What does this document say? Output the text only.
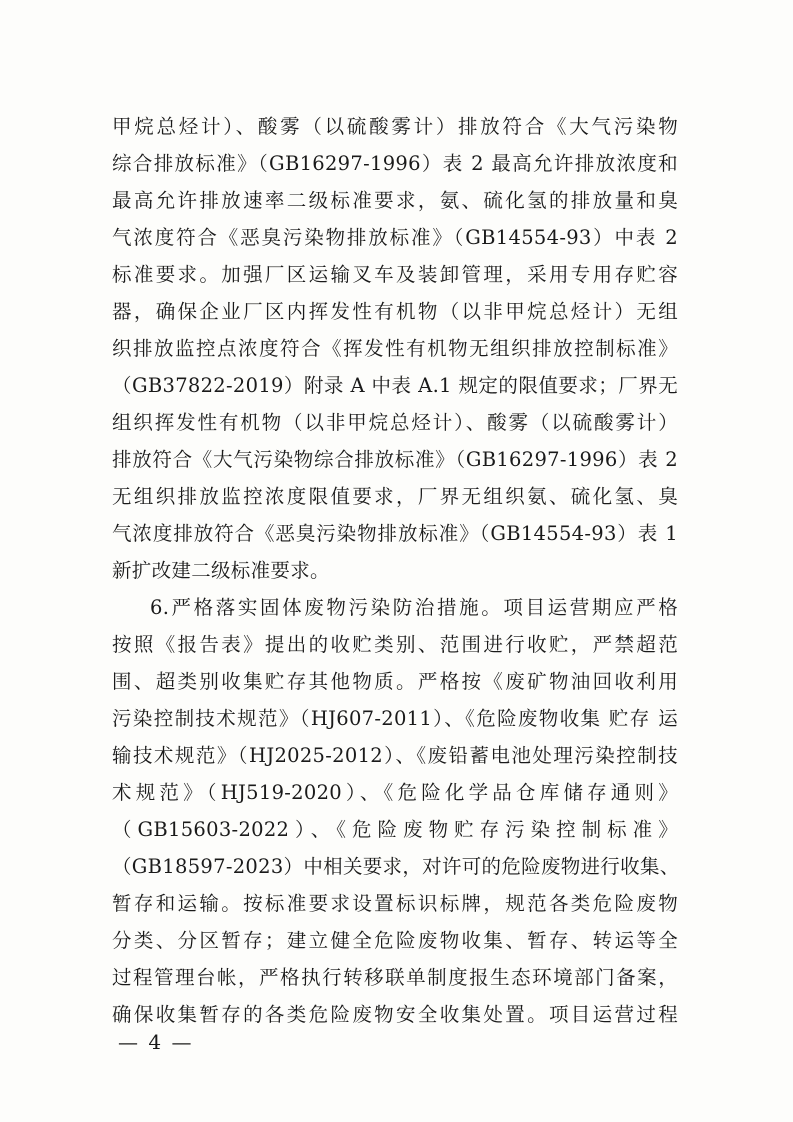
甲烷总烃计）、酸雾（以硫酸雾计）排放符合《大气污染物
综合排放标准》（GB16297-1996）表 2 最高允许排放浓度和
最高允许排放速率二级标准要求，氨、硫化氢的排放量和臭
气浓度符合《恶臭污染物排放标准》（GB14554-93）中表 2
标准要求。加强厂区运输叉车及装卸管理，采用专用存贮容
器，确保企业厂区内挥发性有机物（以非甲烷总烃计）无组
织排放监控点浓度符合《挥发性有机物无组织排放控制标准》
（GB37822-2019）附录 A 中表 A.1 规定的限值要求；厂界无
组织挥发性有机物（以非甲烷总烃计）、酸雾（以硫酸雾计）
排放符合《大气污染物综合排放标准》（GB16297-1996）表 2
无组织排放监控浓度限值要求，厂界无组织氨、硫化氢、臭
气浓度排放符合《恶臭污染物排放标准》（GB14554-93）表 1
新扩改建二级标准要求。
6.严格落实固体废物污染防治措施。项目运营期应严格
按照《报告表》提出的收贮类别、范围进行收贮，严禁超范
围、超类别收集贮存其他物质。严格按《废矿物油回收利用
污染控制技术规范》（HJ607-2011）、《危险废物收集 贮存 运
输技术规范》（HJ2025-2012）、《废铅蓄电池处理污染控制技
术规范》（HJ519-2020）、《危险化学品仓库储存通则》
（GB15603-2022）、《危险废物贮存污染控制标准》
（GB18597-2023）中相关要求，对许可的危险废物进行收集、
暂存和运输。按标准要求设置标识标牌，规范各类危险废物
分类、分区暂存；建立健全危险废物收集、暂存、转运等全
过程管理台帐，严格执行转移联单制度报生态环境部门备案，
确保收集暂存的各类危险废物安全收集处置。项目运营过程
— 4 —
